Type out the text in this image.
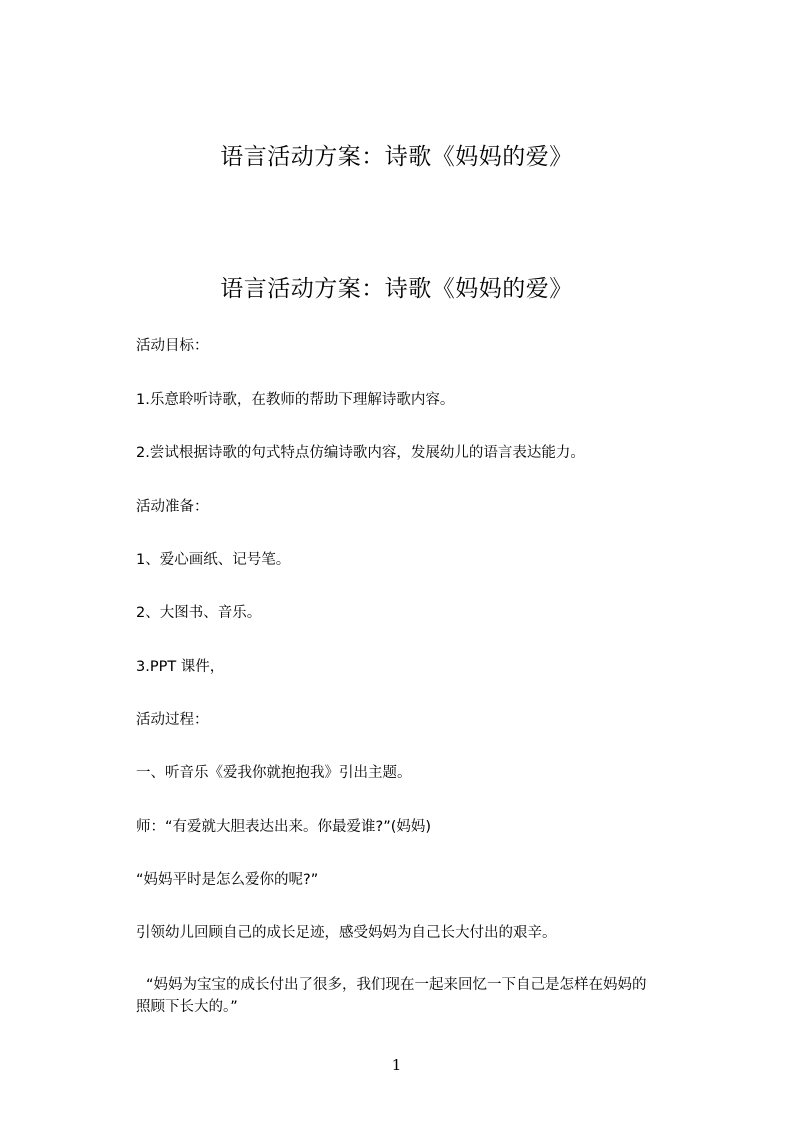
语言活动方案：诗歌《妈妈的爱》
语言活动方案：诗歌《妈妈的爱》
活动目标：
1.乐意聆听诗歌，在教师的帮助下理解诗歌内容。
2.尝试根据诗歌的句式特点仿编诗歌内容，发展幼儿的语言表达能力。
活动准备：
1、爱心画纸、记号笔。
2、大图书、音乐。
3.PPT 课件，
活动过程：
一、听音乐《爱我你就抱抱我》引出主题。
师：“有爱就大胆表达出来。你最爱谁?”(妈妈)
“妈妈平时是怎么爱你的呢?”
引领幼儿回顾自己的成长足迹，感受妈妈为自己长大付出的艰辛。
“妈妈为宝宝的成长付出了很多，我们现在一起来回忆一下自己是怎样在妈妈的
照顾下长大的。”
1
